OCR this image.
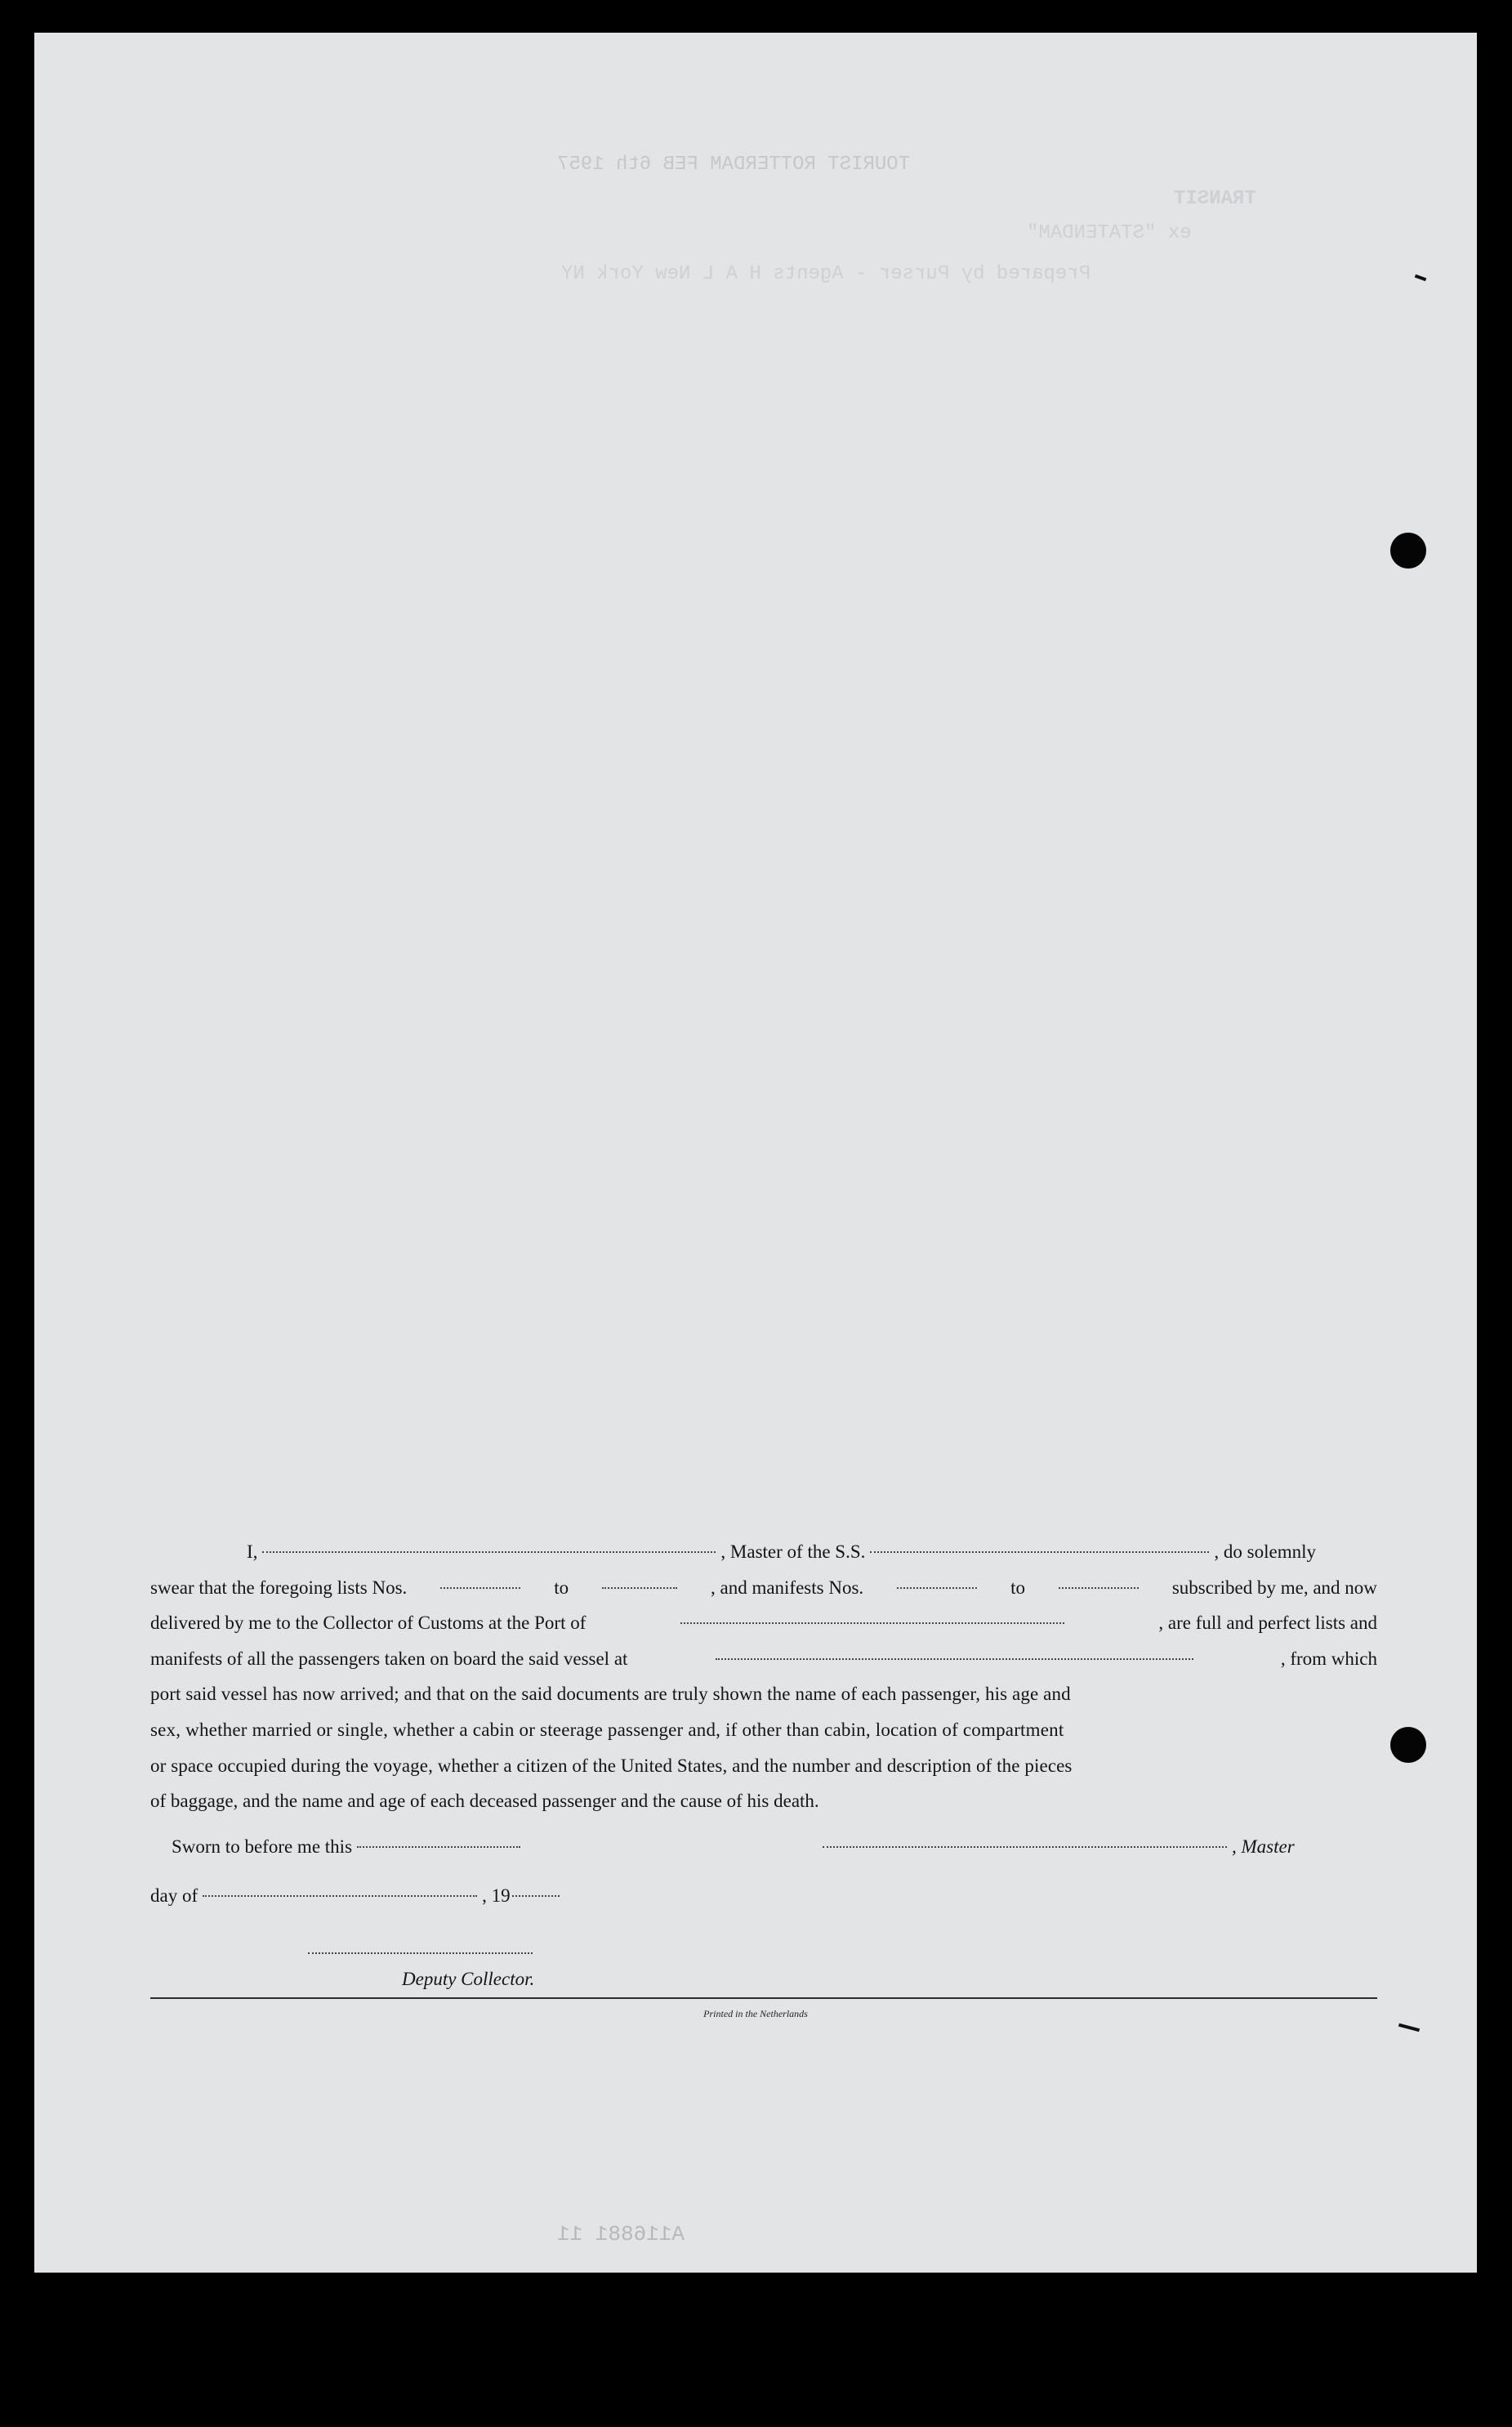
TRANSIT
ex "STATENDAM"
Prepared by Purser - Agents H A L New York NY
TOURIST ROTTERDAM FEB 6th 1957
I,	, Master of the S.S.	, do solemnly
swear that the foregoing lists Nos.	to	, and manifests Nos.	to	subscribed by me, and now
delivered by me to the Collector of Customs at the Port of	, are full and perfect lists and
manifests of all the passengers taken on board the said vessel at	, from which
port said vessel has now arrived; and that on the said documents are truly shown the name of each passenger, his age and
sex, whether married or single, whether a cabin or steerage passenger and, if other than cabin, location of compartment
or space occupied during the voyage, whether a citizen of the United States, and the number and description of the pieces
of baggage, and the name and age of each deceased passenger and the cause of his death.
Sworn to before me this	, Master
day of	, 19
Deputy Collector.
Printed in the Netherlands
A116881 11
